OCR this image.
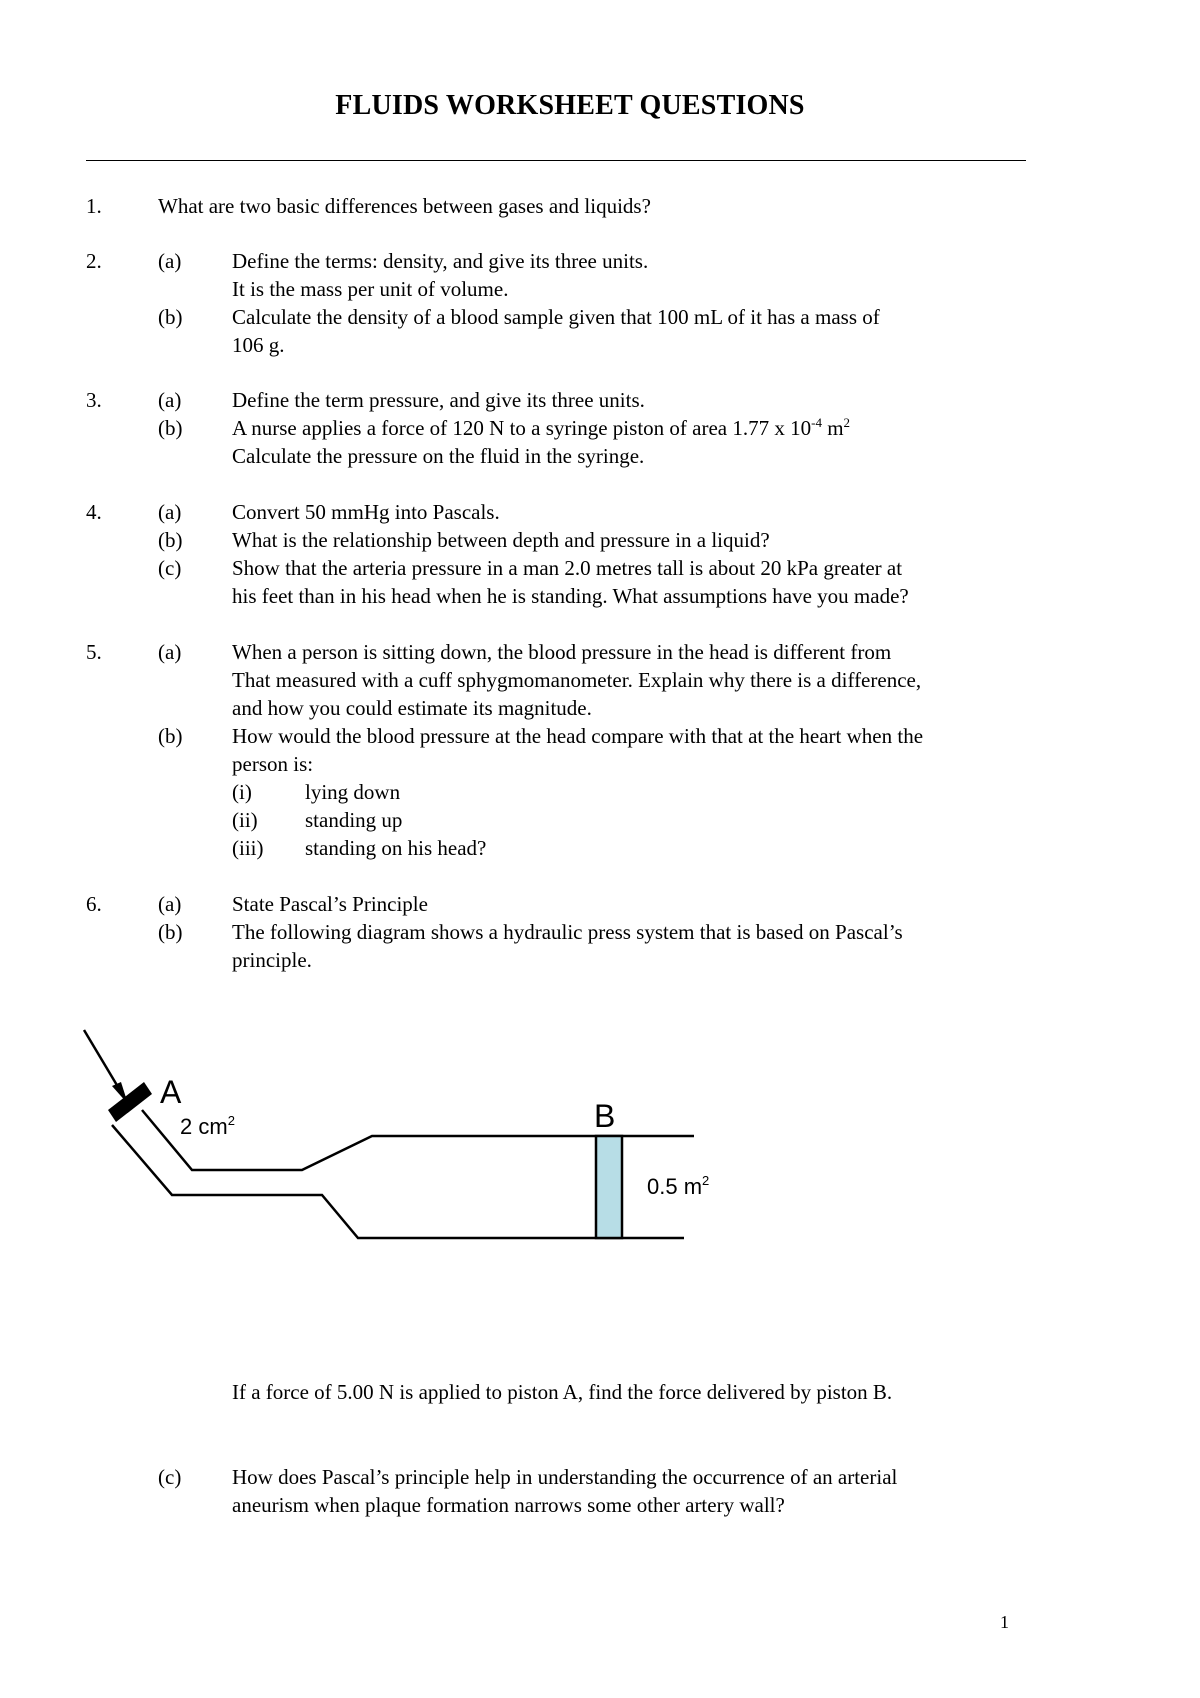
FLUIDS WORKSHEET QUESTIONS
1.	What are two basic differences between gases and liquids?
2.	(a) Define the terms: density, and give its three units.
It is the mass per unit of volume.
(b) Calculate the density of a blood sample given that 100 mL of it has a mass of
106 g.
3.	(a) Define the term pressure, and give its three units.
(b) A nurse applies a force of 120 N to a syringe piston of area 1.77 x $10^{-4}$ $m^2$
Calculate the pressure on the fluid in the syringe.
4.	(a) Convert 50 mmHg into Pascals.
(b) What is the relationship between depth and pressure in a liquid?
(c) Show that the arteria pressure in a man 2.0 metres tall is about 20 kPa greater at
his feet than in his head when he is standing. What assumptions have you made?
5.	(a) When a person is sitting down, the blood pressure in the head is different from
That measured with a cuff sphygmomanometer. Explain why there is a difference,
and how you could estimate its magnitude.
(b) How would the blood pressure at the head compare with that at the heart when the
person is:
(i)	lying down
(ii) standing up
(iii) standing on his head?
6.	(a) State Pascal’s Principle
(b) The following diagram shows a hydraulic press system that is based on Pascal’s
principle.
A
2 $cm^2$	B
0.5 $m^2$
If a force of 5.00 N is applied to piston A, find the force delivered by piston B.
(c) How does Pascal’s principle help in understanding the occurrence of an arterial
aneurism when plaque formation narrows some other artery wall?
1
